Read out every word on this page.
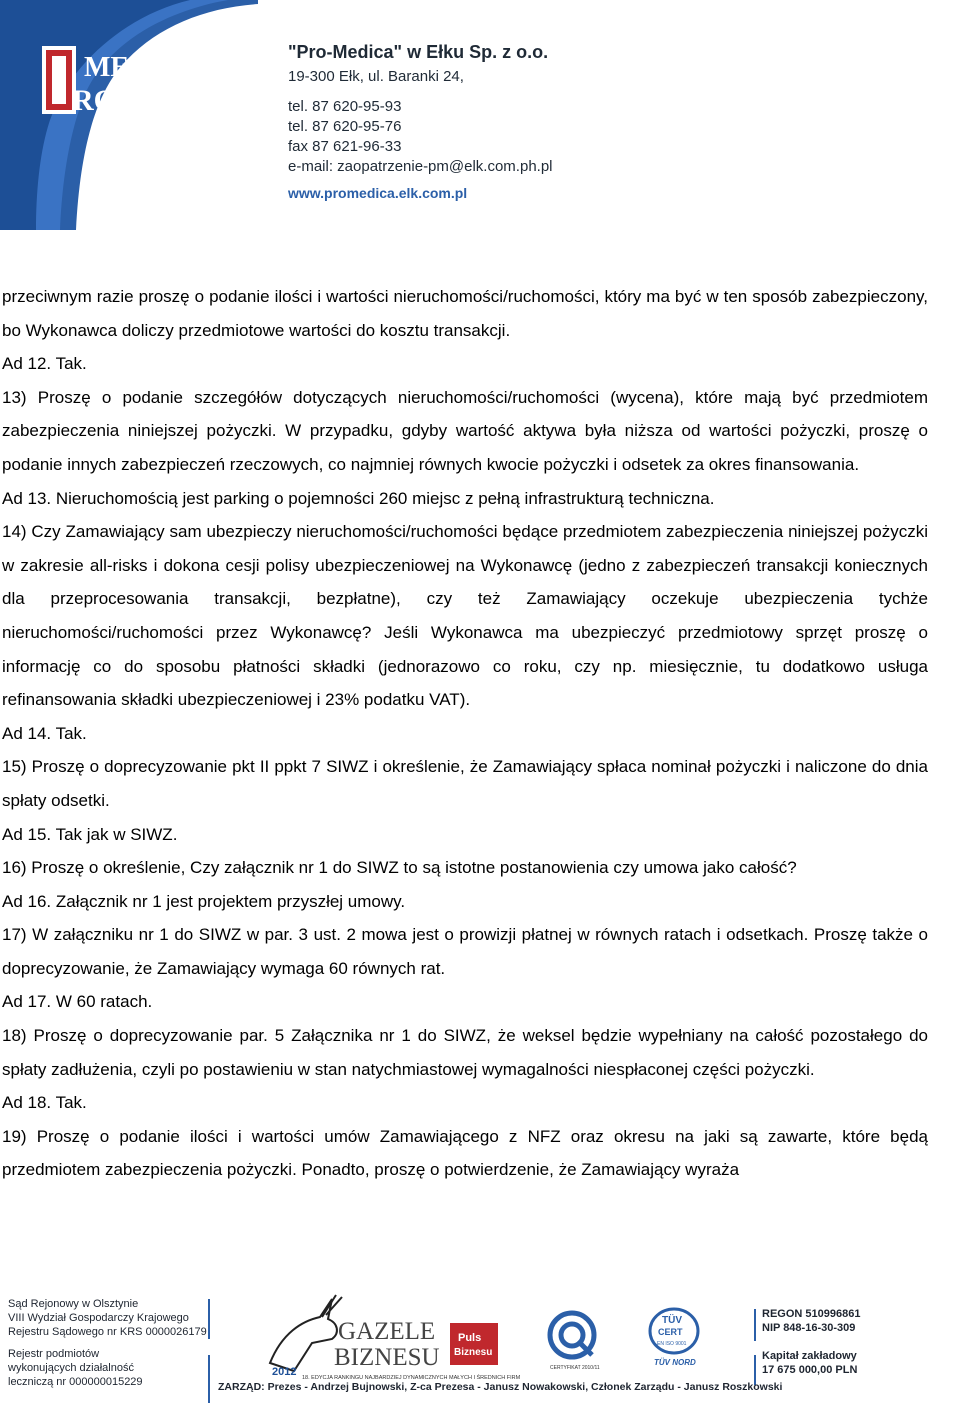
MEDICA
RO

"Pro-Medica" w Ełku Sp. z o.o.

19-300 Ełk, ul. Baranki 24,

tel. 87 620-95-93

tel. 87 620-95-76

fax 87 621-96-33

e-mail: zaopatrzenie-pm@elk.com.ph.pl

www.promedica.elk.com.pl

przeciwnym razie proszę o podanie ilości i wartości nieruchomości/ruchomości, który ma być w ten sposób zabezpieczony, bo Wykonawca doliczy przedmiotowe wartości do kosztu transakcji.

Ad 12. Tak.

13) Proszę o podanie szczegółów dotyczących nieruchomości/ruchomości (wycena), które mają być przedmiotem zabezpieczenia niniejszej pożyczki. W przypadku, gdyby wartość aktywa była niższa od wartości pożyczki, proszę o podanie innych zabezpieczeń rzeczowych, co najmniej równych kwocie pożyczki i odsetek za okres finansowania.

Ad 13. Nieruchomością jest parking o pojemności 260 miejsc z pełną infrastrukturą techniczna.

14) Czy Zamawiający sam ubezpieczy nieruchomości/ruchomości będące przedmiotem zabezpieczenia niniejszej pożyczki w zakresie all-risks i dokona cesji polisy ubezpieczeniowej na Wykonawcę (jedno z zabezpieczeń transakcji koniecznych dla przeprocesowania transakcji, bezpłatne), czy też Zamawiający oczekuje ubezpieczenia tychże nieruchomości/ruchomości przez Wykonawcę? Jeśli Wykonawca ma ubezpieczyć przedmiotowy sprzęt proszę o informację co do sposobu płatności składki (jednorazowo co roku, czy np. miesięcznie, tu dodatkowo usługa refinansowania składki ubezpieczeniowej i 23% podatku VAT).

Ad 14. Tak.

15) Proszę o doprecyzowanie pkt II ppkt 7 SIWZ i określenie, że Zamawiający spłaca nominał pożyczki i naliczone do dnia spłaty odsetki.

Ad 15. Tak jak w SIWZ.

16) Proszę o określenie, Czy załącznik nr 1 do SIWZ to są istotne postanowienia czy umowa jako całość?

Ad 16. Załącznik nr 1 jest projektem przyszłej umowy.

17) W załączniku nr 1 do SIWZ w par. 3 ust. 2 mowa jest o prowizji płatnej w równych ratach i odsetkach. Proszę także o doprecyzowanie, że Zamawiający wymaga 60 równych rat.

Ad 17. W 60 ratach.

18) Proszę o doprecyzowanie par. 5 Załącznika nr 1 do SIWZ, że weksel będzie wypełniany na całość pozostałego do spłaty zadłużenia, czyli po postawieniu w stan natychmiastowej wymagalności niespłaconej części pożyczki.

Ad 18. Tak.

19) Proszę o podanie ilości i wartości umów Zamawiającego z NFZ oraz okresu na jaki są zawarte, które będą przedmiotem zabezpieczenia pożyczki. Ponadto, proszę o potwierdzenie, że Zamawiający wyraża

Sąd Rejonowy w Olsztynie

VIII Wydział Gospodarczy Krajowego

Rejestru Sądowego nr KRS 0000026179

Rejestr podmiotów

wykonujących działalność

leczniczą nr 000000015229

2012
GAZELE
BIZNESU
18. EDYCJA RANKINGU NAJBARDZIEJ DYNAMICZNYCH MAŁYCH I ŚREDNICH FIRM
Puls
Biznesu
CERTYFIKAT 2010/11
TÜV
CERT
EN ISO 9001
TÜV NORD
ZARZĄD: Prezes - Andrzej Bujnowski, Z-ca Prezesa - Janusz Nowakowski, Członek Zarządu - Janusz Roszkowski

REGON 510996861

NIP 848-16-30-309

Kapitał zakładowy

17 675 000,00 PLN
